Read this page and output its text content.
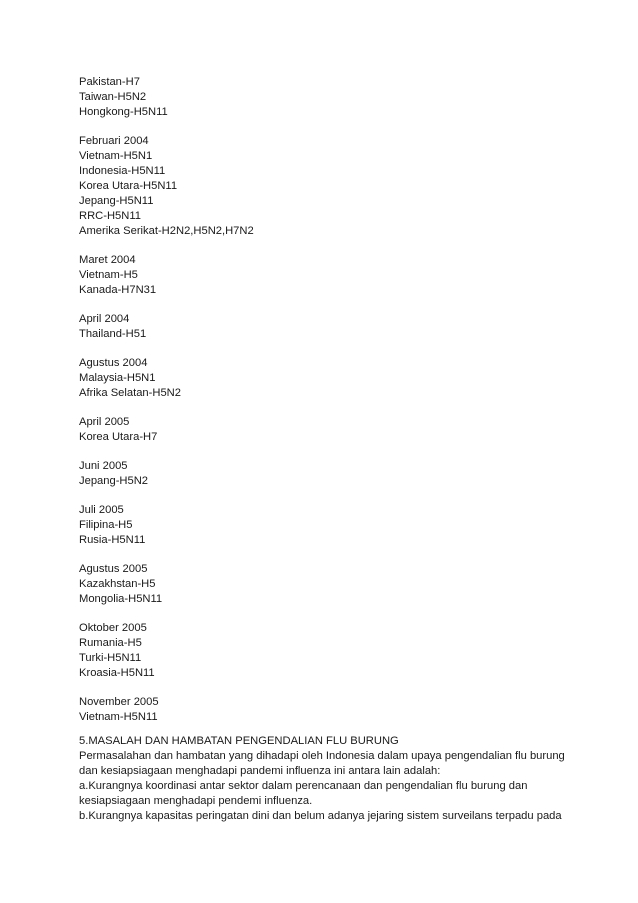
Pakistan-H7
Taiwan-H5N2
Hongkong-H5N11
Februari 2004
Vietnam-H5N1
Indonesia-H5N11
Korea Utara-H5N11
Jepang-H5N11
RRC-H5N11
Amerika Serikat-H2N2,H5N2,H7N2
Maret 2004
Vietnam-H5
Kanada-H7N31
April 2004
Thailand-H51
Agustus 2004
Malaysia-H5N1
Afrika Selatan-H5N2
April 2005
Korea Utara-H7
Juni 2005
Jepang-H5N2
Juli 2005
Filipina-H5
Rusia-H5N11
Agustus 2005
Kazakhstan-H5
Mongolia-H5N11
Oktober 2005
Rumania-H5
Turki-H5N11
Kroasia-H5N11
November 2005
Vietnam-H5N11
5.MASALAH DAN HAMBATAN PENGENDALIAN FLU BURUNG
Permasalahan dan hambatan yang dihadapi oleh Indonesia dalam upaya pengendalian flu burung
dan kesiapsiagaan menghadapi pandemi influenza ini antara lain adalah:
a.Kurangnya koordinasi antar sektor dalam perencanaan dan pengendalian flu burung dan
kesiapsiagaan menghadapi pendemi influenza.
b.Kurangnya kapasitas peringatan dini dan belum adanya jejaring sistem surveilans terpadu pada
